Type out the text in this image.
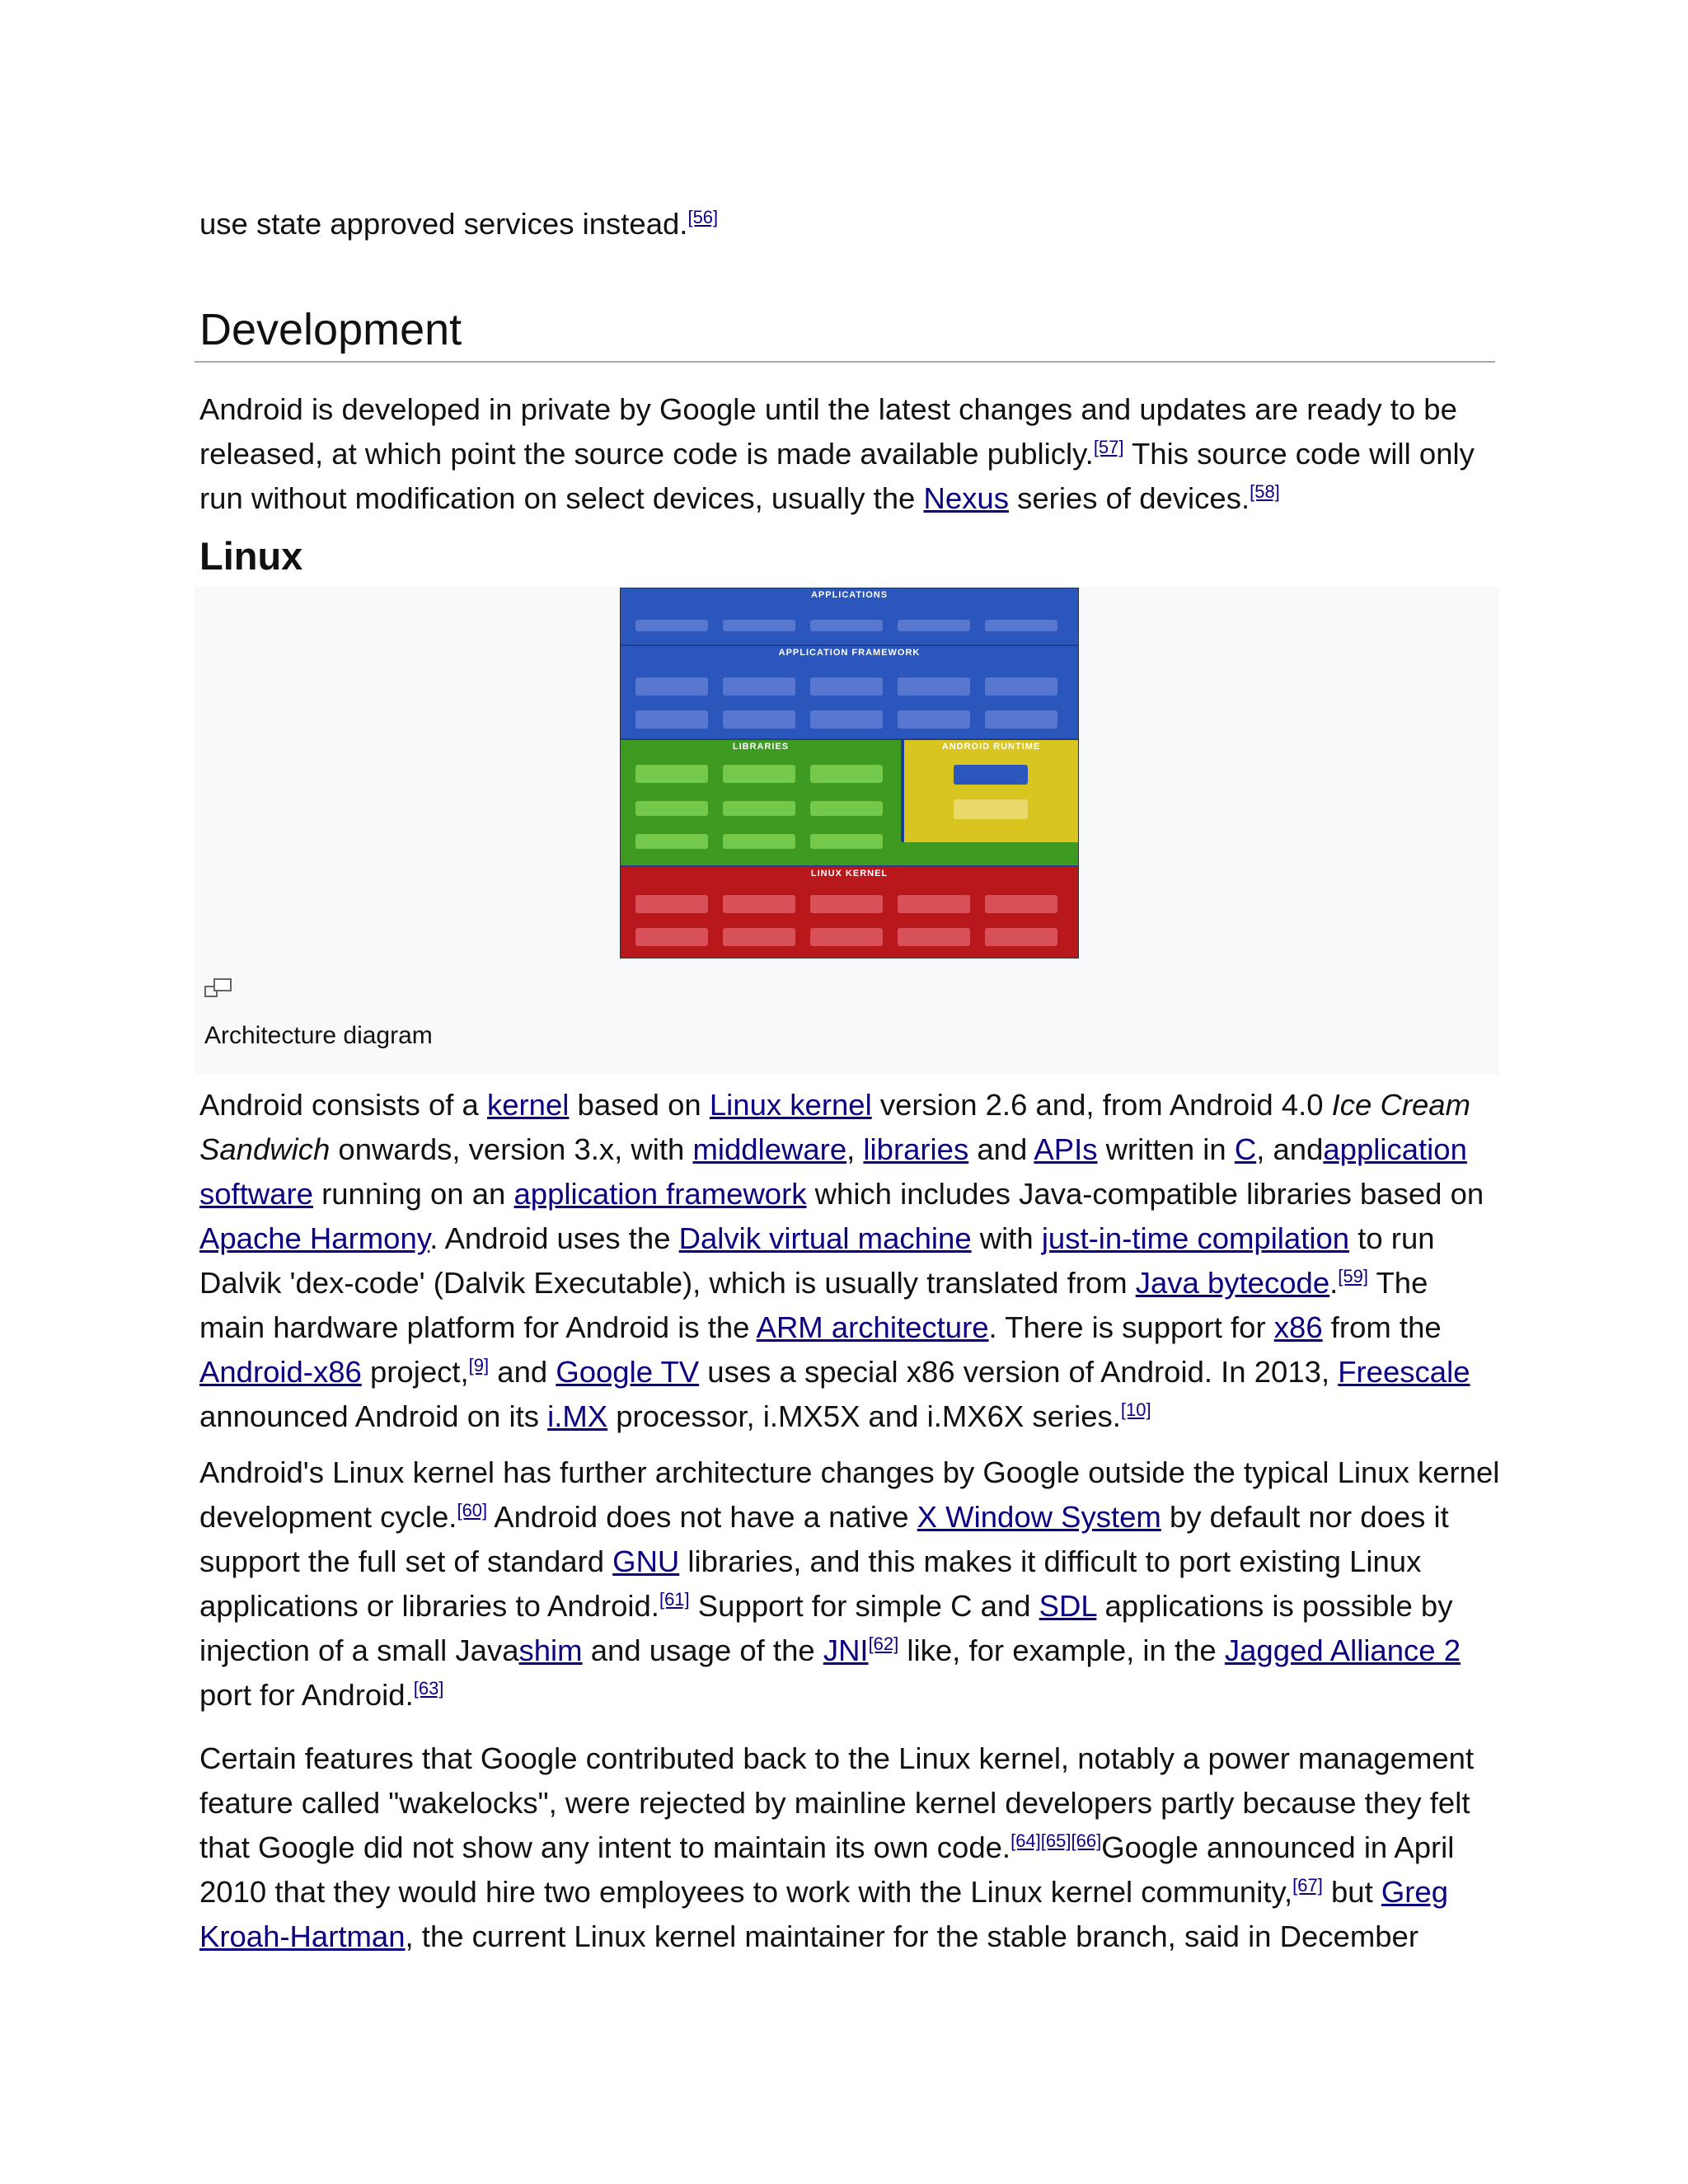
use state approved services instead.[56]

Development

Android is developed in private by Google until the latest changes and updates are ready to be released, at which point the source code is made available publicly.[57] This source code will only run without modification on select devices, usually the Nexus series of devices.[58]

Linux
APPLICATIONS
APPLICATION FRAMEWORK
LIBRARIES	ANDROID RUNTIME
LINUX KERNEL
Architecture diagram

Android consists of a kernel based on Linux kernel version 2.6 and, from Android 4.0 Ice Cream Sandwich onwards, version 3.x, with middleware, libraries and APIs written in C, andapplication software running on an application framework which includes Java-compatible libraries based on Apache Harmony. Android uses the Dalvik virtual machine with just-in-time compilation to run Dalvik 'dex-code' (Dalvik Executable), which is usually translated from Java bytecode.[59] The main hardware platform for Android is the ARM architecture. There is support for x86 from the Android-x86 project,[9] and Google TV uses a special x86 version of Android. In 2013, Freescale announced Android on its i.MX processor, i.MX5X and i.MX6X series.[10]

Android's Linux kernel has further architecture changes by Google outside the typical Linux kernel development cycle.[60] Android does not have a native X Window System by default nor does it support the full set of standard GNU libraries, and this makes it difficult to port existing Linux applications or libraries to Android.[61] Support for simple C and SDL applications is possible by injection of a small Javashim and usage of the JNI[62] like, for example, in the Jagged Alliance 2 port for Android.[63]

Certain features that Google contributed back to the Linux kernel, notably a power management feature called "wakelocks", were rejected by mainline kernel developers partly because they felt that Google did not show any intent to maintain its own code.[64][65][66]Google announced in April 2010 that they would hire two employees to work with the Linux kernel community,[67] but Greg Kroah-Hartman, the current Linux kernel maintainer for the stable branch, said in December
